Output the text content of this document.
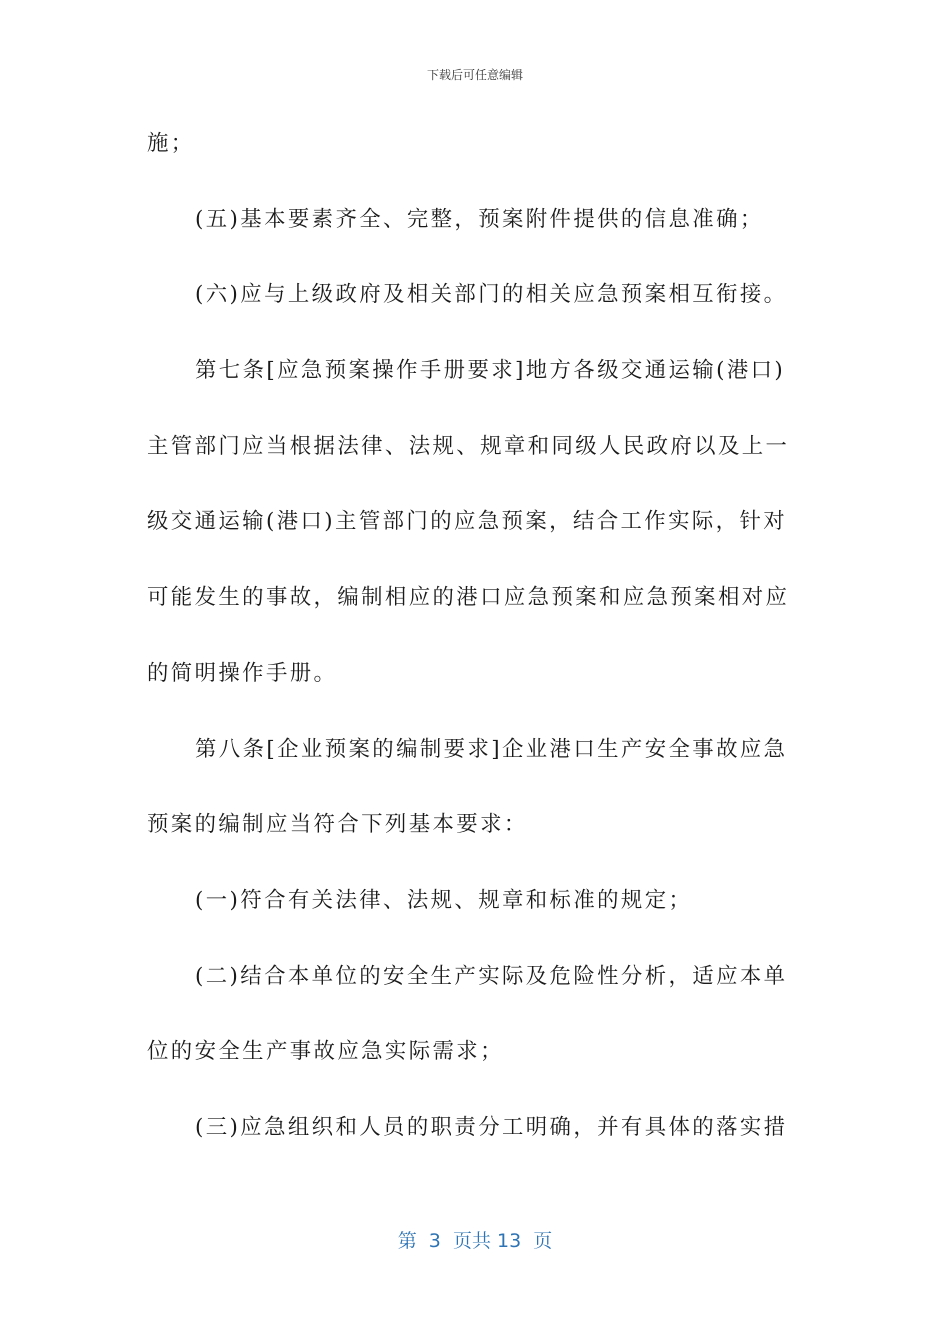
下载后可任意编辑
施；
(五)基本要素齐全、完整，预案附件提供的信息准确；
(六)应与上级政府及相关部门的相关应急预案相互衔接。
第七条[应急预案操作手册要求]地方各级交通运输(港口)
主管部门应当根据法律、法规、规章和同级人民政府以及上一
级交通运输(港口)主管部门的应急预案，结合工作实际，针对
可能发生的事故，编制相应的港口应急预案和应急预案相对应
的简明操作手册。
第八条[企业预案的编制要求]企业港口生产安全事故应急
预案的编制应当符合下列基本要求：
(一)符合有关法律、法规、规章和标准的规定；
(二)结合本单位的安全生产实际及危险性分析，适应本单
位的安全生产事故应急实际需求；
(三)应急组织和人员的职责分工明确，并有具体的落实措
第  3  页共 13  页
